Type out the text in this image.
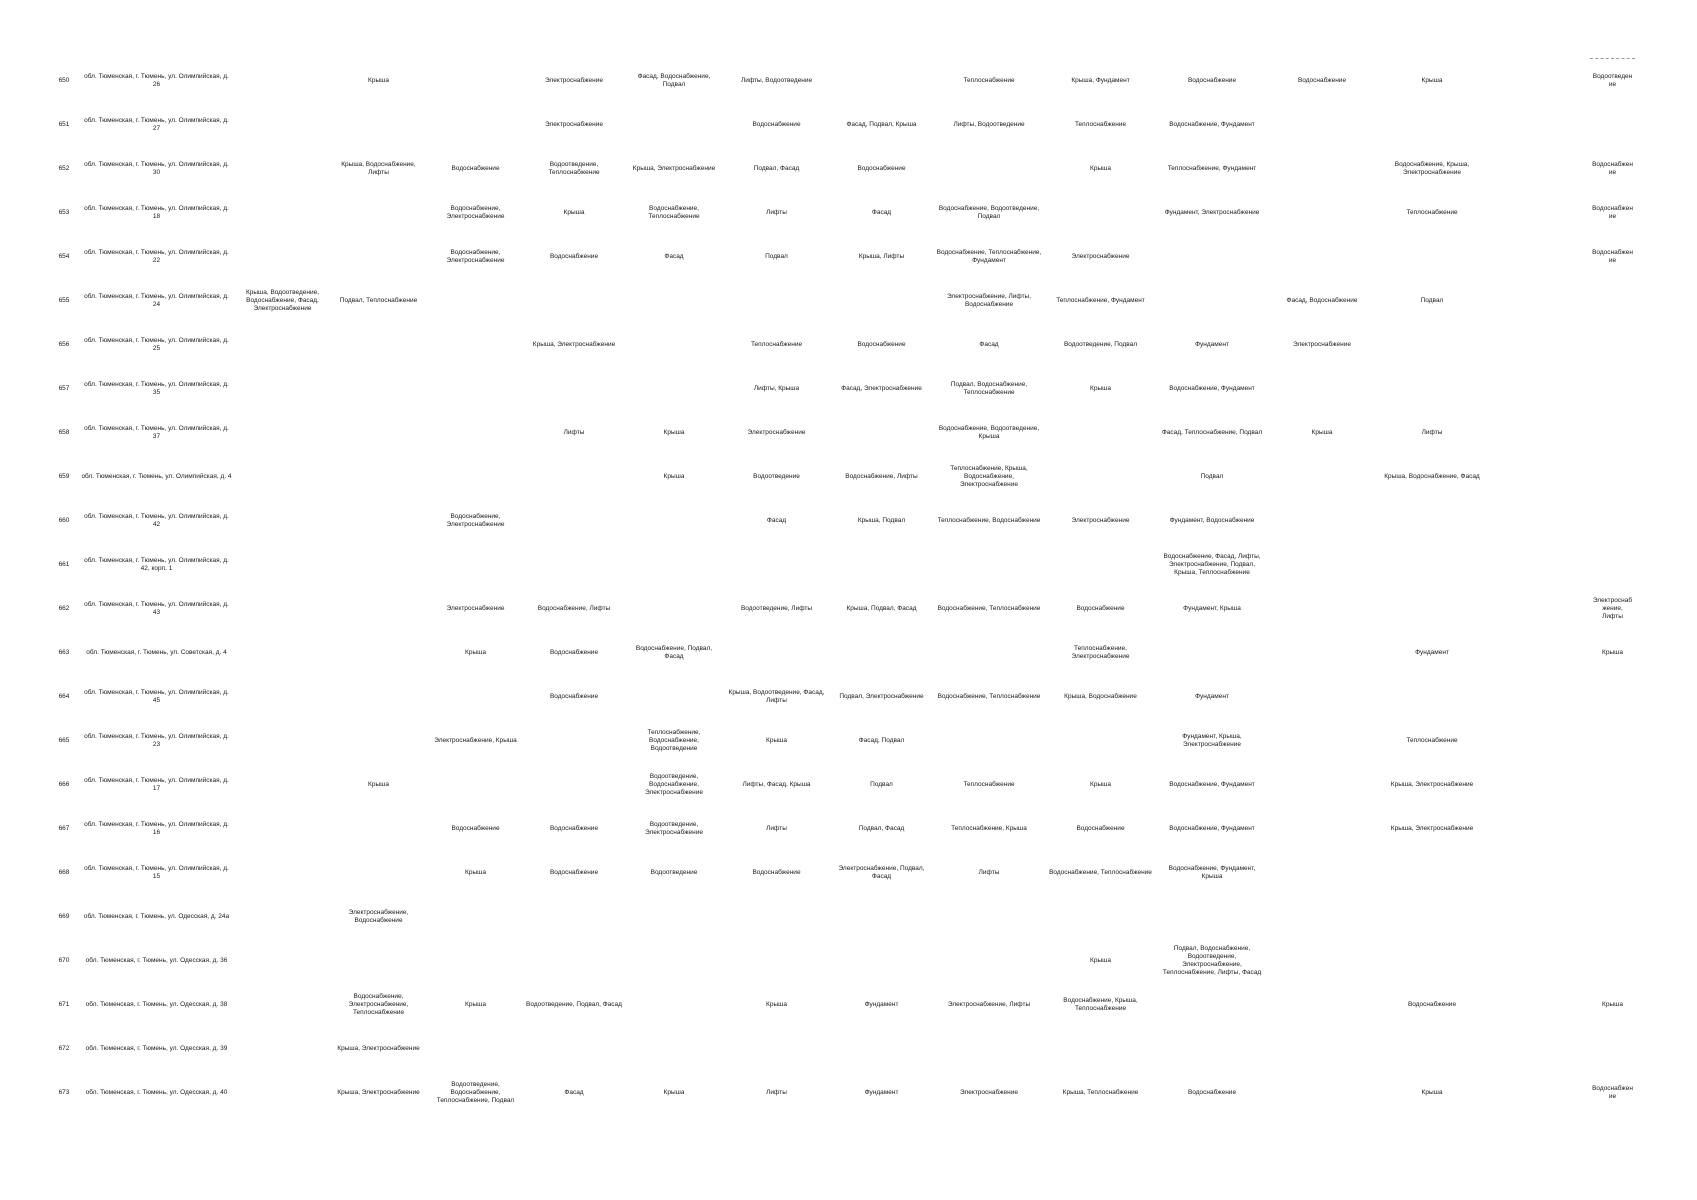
650	обл. Тюменская, г. Тюмень, ул. Олимпийская, д. 26		Крыша		Электроснабжение	Фасад, Водоснабжение, Подвал	Лифты, Водоотведение		Теплоснабжение	Крыша, Фундамент	Водоснабжение	Водоснабжение	Крыша		Водоотведение
651	обл. Тюменская, г. Тюмень, ул. Олимпийская, д. 27				Электроснабжение		Водоснабжение	Фасад, Подвал, Крыша	Лифты, Водоотведение	Теплоснабжение	Водоснабжение, Фундамент				
652	обл. Тюменская, г. Тюмень, ул. Олимпийская, д. 30		Крыша, Водоснабжение, Лифты	Водоснабжение	Водоотведение, Теплоснабжение	Крыша, Электроснабжение	Подвал, Фасад	Водоснабжение		Крыша	Теплоснабжение, Фундамент		Водоснабжение, Крыша, Электроснабжение		Водоснабжение
653	обл. Тюменская, г. Тюмень, ул. Олимпийская, д. 18			Водоснабжение, Электроснабжение	Крыша	Водоснабжение, Теплоснабжение	Лифты	Фасад	Водоснабжение, Водоотведение, Подвал		Фундамент, Электроснабжение		Теплоснабжение		Водоснабжение
654	обл. Тюменская, г. Тюмень, ул. Олимпийская, д. 22			Водоснабжение, Электроснабжение	Водоснабжение	Фасад	Подвал	Крыша, Лифты	Водоснабжение, Теплоснабжение, Фундамент	Электроснабжение					Водоснабжение
655	обл. Тюменская, г. Тюмень, ул. Олимпийская, д. 24	Крыша, Водоотведение, Водоснабжение, Фасад, Электроснабжение	Подвал, Теплоснабжение						Электроснабжение, Лифты, Водоснабжение	Теплоснабжение, Фундамент		Фасад, Водоснабжение	Подвал		
656	обл. Тюменская, г. Тюмень, ул. Олимпийская, д. 25				Крыша, Электроснабжение		Теплоснабжение	Водоснабжение	Фасад	Водоотведение, Подвал	Фундамент	Электроснабжение			
657	обл. Тюменская, г. Тюмень, ул. Олимпийская, д. 35						Лифты, Крыша	Фасад, Электроснабжение	Подвал, Водоснабжение, Теплоснабжение	Крыша	Водоснабжение, Фундамент				
658	обл. Тюменская, г. Тюмень, ул. Олимпийская, д. 37				Лифты	Крыша	Электроснабжение		Водоснабжение, Водоотведение, Крыша		Фасад, Теплоснабжение, Подвал	Крыша	Лифты		
659	обл. Тюменская, г. Тюмень, ул. Олимпийская, д. 4					Крыша	Водоотведение	Водоснабжение, Лифты	Теплоснабжение, Крыша, Водоснабжение, Электроснабжение		Подвал		Крыша, Водоснабжение, Фасад		
660	обл. Тюменская, г. Тюмень, ул. Олимпийская, д. 42			Водоснабжение, Электроснабжение			Фасад	Крыша, Подвал	Теплоснабжение, Водоснабжение	Электроснабжение	Фундамент, Водоснабжение				
661	обл. Тюменская, г. Тюмень, ул. Олимпийская, д. 42, корп. 1										Водоснабжение, Фасад, Лифты, Электроснабжение, Подвал, Крыша, Теплоснабжение				
662	обл. Тюменская, г. Тюмень, ул. Олимпийская, д. 43			Электроснабжение	Водоснабжение, Лифты		Водоотведение, Лифты	Крыша, Подвал, Фасад	Водоснабжение, Теплоснабжение	Водоснабжение	Фундамент, Крыша				Электроснабжение, Лифты
663	обл. Тюменская, г. Тюмень, ул. Советская, д. 4			Крыша	Водоснабжение	Водоснабжение, Подвал, Фасад				Теплоснабжение, Электроснабжение			Фундамент		Крыша
664	обл. Тюменская, г. Тюмень, ул. Олимпийская, д. 45				Водоснабжение		Крыша, Водоотведение, Фасад, Лифты	Подвал, Электроснабжение	Водоснабжение, Теплоснабжение	Крыша, Водоснабжение	Фундамент				
665	обл. Тюменская, г. Тюмень, ул. Олимпийская, д. 23			Электроснабжение, Крыша		Теплоснабжение, Водоснабжение, Водоотведение	Крыша	Фасад, Подвал			Фундамент, Крыша, Электроснабжение		Теплоснабжение		
666	обл. Тюменская, г. Тюмень, ул. Олимпийская, д. 17		Крыша			Водоотведение, Водоснабжение, Электроснабжение	Лифты, Фасад, Крыша	Подвал	Теплоснабжение	Крыша	Водоснабжение, Фундамент		Крыша, Электроснабжение		
667	обл. Тюменская, г. Тюмень, ул. Олимпийская, д. 16			Водоснабжение	Водоснабжение	Водоотведение, Электроснабжение	Лифты	Подвал, Фасад	Теплоснабжение, Крыша	Водоснабжение	Водоснабжение, Фундамент		Крыша, Электроснабжение		
668	обл. Тюменская, г. Тюмень, ул. Олимпийская, д. 15			Крыша	Водоснабжение	Водоотведение	Водоснабжение	Электроснабжение, Подвал, Фасад	Лифты	Водоснабжение, Теплоснабжение	Водоснабжение, Фундамент, Крыша				
669	обл. Тюменская, г. Тюмень, ул. Одесская, д. 24а		Электроснабжение, Водоснабжение												
670	обл. Тюменская, г. Тюмень, ул. Одесская, д. 36									Крыша	Подвал, Водоснабжение, Водоотведение, Электроснабжение, Теплоснабжение, Лифты, Фасад				
671	обл. Тюменская, г. Тюмень, ул. Одесская, д. 38		Водоснабжение, Электроснабжение, Теплоснабжение	Крыша	Водоотведение, Подвал, Фасад		Крыша	Фундамент	Электроснабжение, Лифты	Водоснабжение, Крыша, Теплоснабжение			Водоснабжение		Крыша
672	обл. Тюменская, г. Тюмень, ул. Одесская, д. 39		Крыша, Электроснабжение												
673	обл. Тюменская, г. Тюмень, ул. Одесская, д. 40		Крыша, Электроснабжение	Водоотведение, Водоснабжение, Теплоснабжение, Подвал	Фасад	Крыша	Лифты	Фундамент	Электроснабжение	Крыша, Теплоснабжение	Водоснабжение		Крыша		Водоснабжение
